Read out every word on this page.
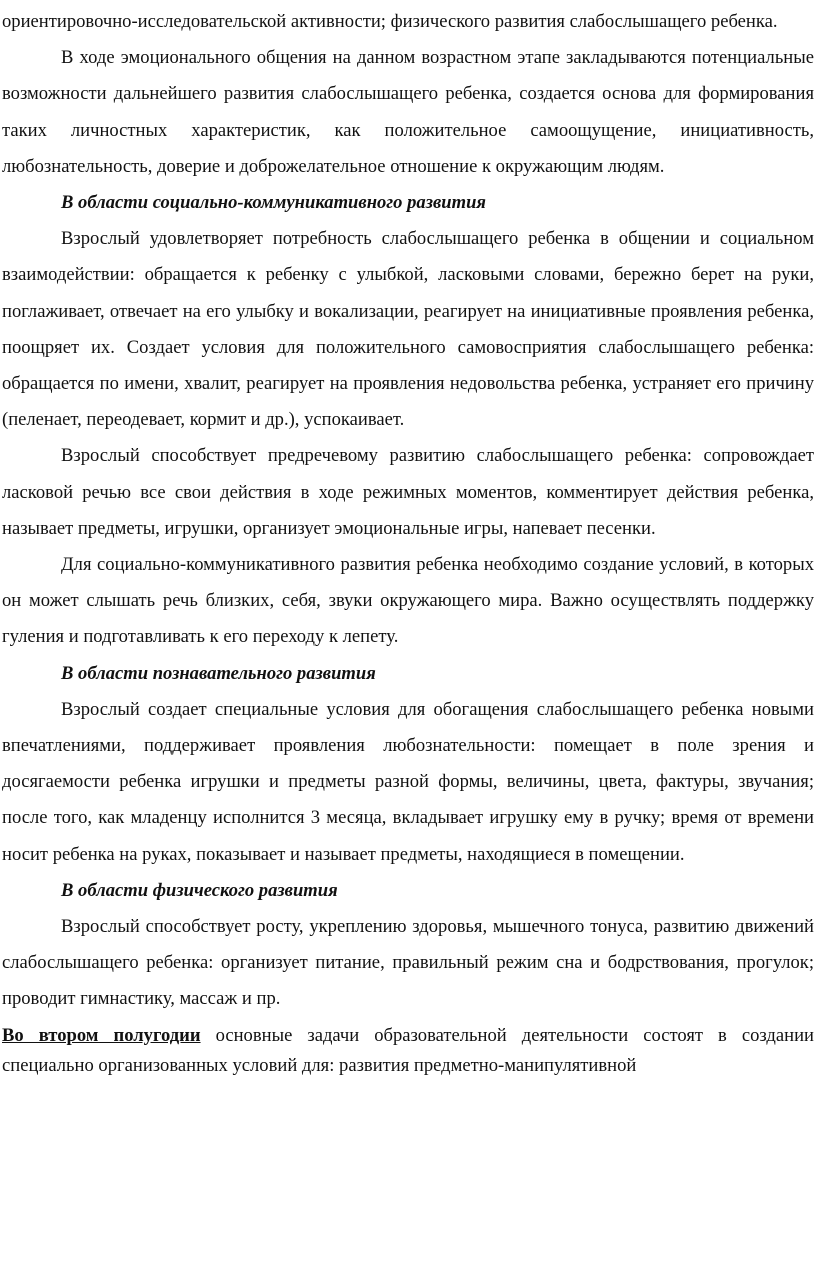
ориентировочно-исследовательской активности; физического развития слабослышащего ребенка.

В ходе эмоционального общения на данном возрастном этапе закладываются потенциальные возможности дальнейшего развития слабослышащего ребенка, создается основа для формирования таких личностных характеристик, как положительное самоощущение, инициативность, любознательность, доверие и доброжелательное отношение к окружающим людям.

В области социально-коммуникативного развития

Взрослый удовлетворяет потребность слабослышащего ребенка в общении и социальном взаимодействии: обращается к ребенку с улыбкой, ласковыми словами, бережно берет на руки, поглаживает, отвечает на его улыбку и вокализации, реагирует на инициативные проявления ребенка, поощряет их. Создает условия для положительного самовосприятия слабослышащего ребенка: обращается по имени, хвалит, реагирует на проявления недовольства ребенка, устраняет его причину (пеленает, переодевает, кормит и др.), успокаивает.

Взрослый способствует предречевому развитию слабослышащего ребенка: сопровождает ласковой речью все свои действия в ходе режимных моментов, комментирует действия ребенка, называет предметы, игрушки, организует эмоциональные игры, напевает песенки.

Для социально-коммуникативного развития ребенка необходимо создание условий, в которых он может слышать речь близких, себя, звуки окружающего мира. Важно осуществлять поддержку гуления и подготавливать к его переходу к лепету.

В области познавательного развития

Взрослый создает специальные условия для обогащения слабослышащего ребенка новыми впечатлениями, поддерживает проявления любознательности: помещает в поле зрения и досягаемости ребенка игрушки и предметы разной формы, величины, цвета, фактуры, звучания; после того, как младенцу исполнится 3 месяца, вкладывает игрушку ему в ручку; время от времени носит ребенка на руках, показывает и называет предметы, находящиеся в помещении.

В области физического развития

Взрослый способствует росту, укреплению здоровья, мышечного тонуса, развитию движений слабослышащего ребенка: организует питание, правильный режим сна и бодрствования, прогулок; проводит гимнастику, массаж и пр.

Во втором полугодии основные задачи образовательной деятельности состоят в создании специально организованных условий для: развития предметно-манипулятивной
